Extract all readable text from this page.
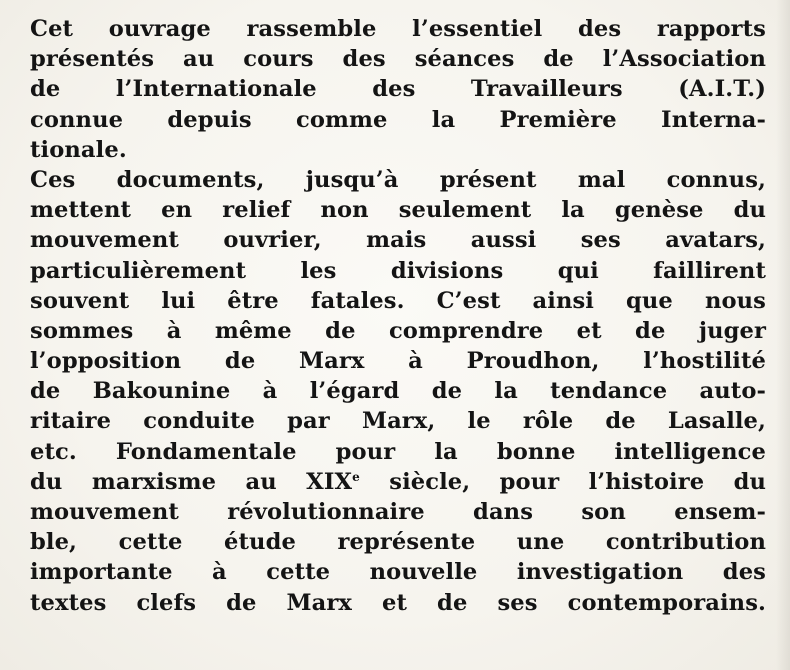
Cet ouvrage rassemble l’essentiel des rapports
présentés au cours des séances de l’Association
de l’Internationale des Travailleurs (A.I.T.)
connue depuis comme la Première Interna-
tionale.
Ces documents, jusqu’à présent mal connus,
mettent en relief non seulement la genèse du
mouvement ouvrier, mais aussi ses avatars,
particulièrement les divisions qui faillirent
souvent lui être fatales. C’est ainsi que nous
sommes à même de comprendre et de juger
l’opposition de Marx à Proudhon, l’hostilité
de Bakounine à l’égard de la tendance auto-
ritaire conduite par Marx, le rôle de Lasalle,
etc. Fondamentale pour la bonne intelligence
du marxisme au XIXe siècle, pour l’histoire du
mouvement révolutionnaire dans son ensem-
ble, cette étude représente une contribution
importante à cette nouvelle investigation des
textes clefs de Marx et de ses contemporains.
